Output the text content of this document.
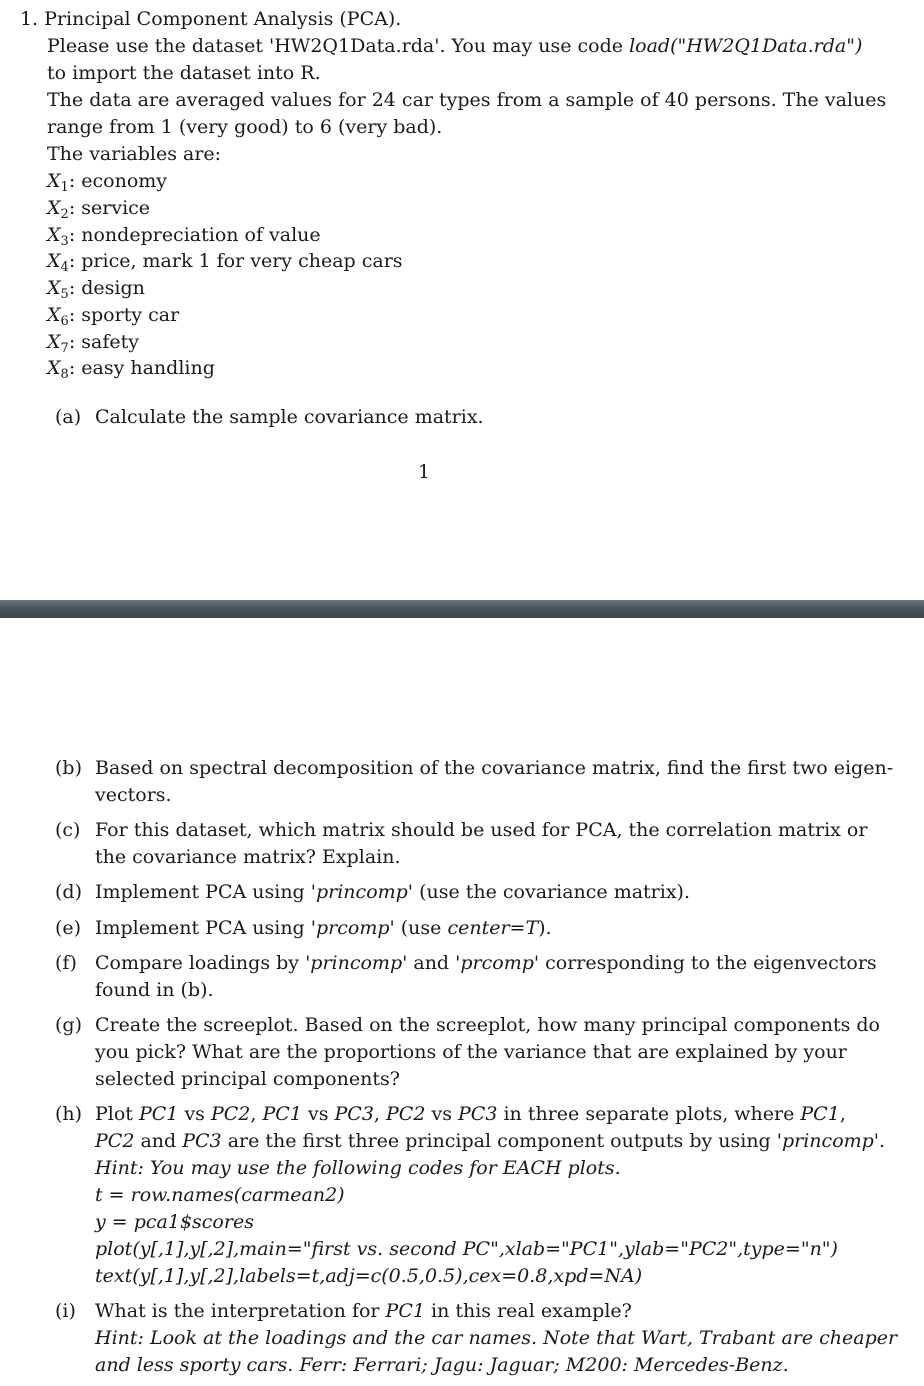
1. Principal Component Analysis (PCA).
Please use the dataset 'HW2Q1Data.rda'. You may use code load("HW2Q1Data.rda")
to import the dataset into R.
The data are averaged values for 24 car types from a sample of 40 persons. The values
range from 1 (very good) to 6 (very bad).
The variables are:
$X_1$: economy
$X_2$: service
$X_3$: nondepreciation of value
$X_4$: price, mark 1 for very cheap cars
$X_5$: design
$X_6$: sporty car
$X_7$: safety
$X_8$: easy handling
(a) Calculate the sample covariance matrix.
1
(b) Based on spectral decomposition of the covariance matrix, find the first two eigen-
vectors.
(c) For this dataset, which matrix should be used for PCA, the correlation matrix or
the covariance matrix? Explain.
(d) Implement PCA using 'princomp' (use the covariance matrix).
(e) Implement PCA using 'prcomp' (use center=T).
(f) Compare loadings by 'princomp' and 'prcomp' corresponding to the eigenvectors
found in (b).
(g) Create the screeplot. Based on the screeplot, how many principal components do
you pick? What are the proportions of the variance that are explained by your
selected principal components?
(h) Plot PC1 vs PC2, PC1 vs PC3, PC2 vs PC3 in three separate plots, where PC1,
PC2 and PC3 are the first three principal component outputs by using 'princomp'.
Hint: You may use the following codes for EACH plots.
t = row.names(carmean2)
y = pca1$scores
plot(y[,1],y[,2],main="first vs. second PC",xlab="PC1",ylab="PC2",type="n")
text(y[,1],y[,2],labels=t,adj=c(0.5,0.5),cex=0.8,xpd=NA)
(i) What is the interpretation for PC1 in this real example?
Hint: Look at the loadings and the car names. Note that Wart, Trabant are cheaper
and less sporty cars. Ferr: Ferrari; Jagu: Jaguar; M200: Mercedes-Benz.
